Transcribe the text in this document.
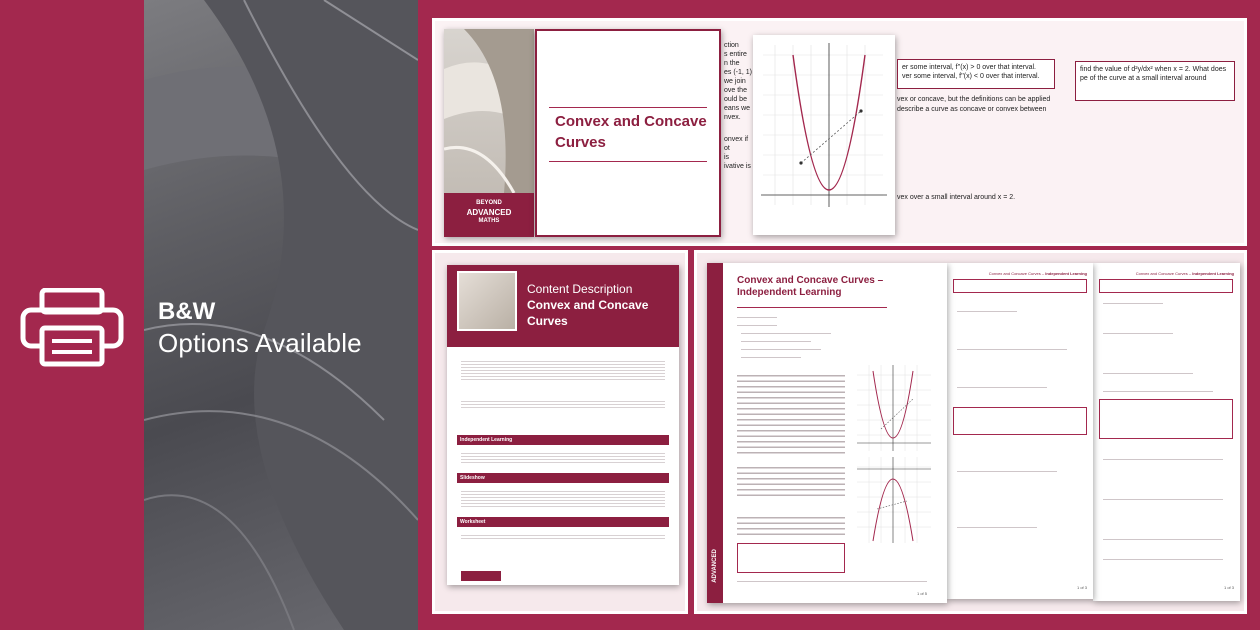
B&W
Options Available
BEYOND
ADVANCED
MATHS
Convex and Concave Curves
ction
s entire
n the
es (-1, 1)
we join
ove the
ould be
eans we
nvex.
onvex if
ot
is
ivative is
er some interval, f''(x) > 0 over that interval.
ver some interval, f''(x) < 0 over that interval.
vex or concave, but the definitions can be applied
describe a curve as concave or convex between
vex over a small interval around x = 2.
find the value of d²y/dx² when x = 2. What does
pe of the curve at a small interval around
Content Description
Convex and Concave Curves
Independent Learning
Slideshow
Worksheet
Convex and Concave Curves – Independent Learning
1 of 3
Convex and Concave Curves – Independent Learning
1 of 3
ADVANCED
Convex and Concave Curves – Independent Learning
1 of 5
